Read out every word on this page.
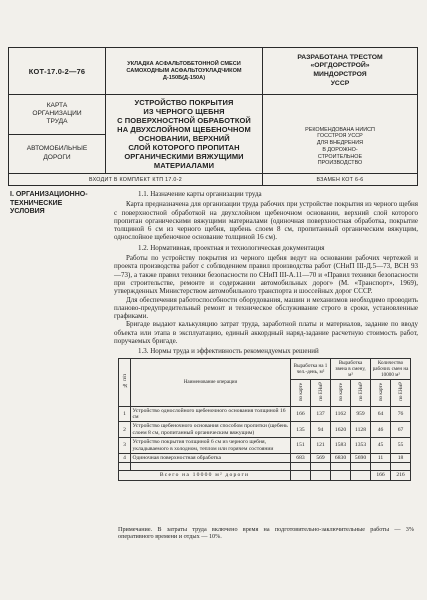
КОТ-17.0-2—76
УКЛАДКА АСФАЛЬТОБЕТОННОЙ СМЕСИ
САМОХОДНЫМ АСФАЛЬТОУКЛАДЧИКОМ
Д-150Б(Д-150А)
РАЗРАБОТАНА ТРЕСТОМ
«ОРГДОРСТРОЙ»
МИНДОРСТРОЯ
УССР
КАРТА
ОРГАНИЗАЦИИ
ТРУДА
АВТОМОБИЛЬНЫЕ
ДОРОГИ
УСТРОЙСТВО ПОКРЫТИЯ
ИЗ ЧЕРНОГО ЩЕБНЯ
С ПОВЕРХНОСТНОЙ ОБРАБОТКОЙ
НА ДВУХСЛОЙНОМ ЩЕБЕНОЧНОМ
ОСНОВАНИИ, ВЕРХНИЙ
СЛОЙ КОТОРОГО ПРОПИТАН
ОРГАНИЧЕСКИМИ ВЯЖУЩИМИ
МАТЕРИАЛАМИ
РЕКОМЕНДОВАНА НИИСП
ГОССТРОЯ УССР
ДЛЯ ВНЕДРЕНИЯ
В ДОРОЖНО-
СТРОИТЕЛЬНОЕ
ПРОИЗВОДСТВО
ВХОДИТ В КОМПЛЕКТ КТП 17.0-2	ВЗАМЕН КОТ 6-6
I. ОРГАНИЗАЦИОННО-
ТЕХНИЧЕСКИЕ
УСЛОВИЯ
1.1. Назначение карты организации труда

Карта предназначена для организации труда рабочих при устройстве покрытия из черного щебня с поверхностной обработкой на двухслойном щебеночном основании, верхний слой которого пропитан органическими вяжущими материалами (одиночная поверхностная обработка, покрытие толщиной 6 см из черного щебня, щебень слоем 8 см, пропитанный органическим вяжущим, однослойное щебеночное основание толщиной 16 см).

1.2. Нормативная, проектная и технологическая документация

Работы по устройству покрытия из черного щебня ведут на основании рабочих чертежей и проекта производства работ с соблюдением правил производства работ (СНиП III-Д.5—73, ВСН 93—73), а также правил техники безопасности по СНиП III-А.11—70 и «Правил техники безопасности при строительстве, ремонте и содержании автомобильных дорог» (М. «Транспорт», 1969), утвержденных Министерством автомобильного транспорта и шоссейных дорог СССР.

Для обеспечения работоспособности оборудования, машин и механизмов необходимо проводить планово-предупредительный ремонт и техническое обслуживание строго в сроки, установленные графиками.

Бригаде выдают калькуляцию затрат труда, заработной платы и материалов, задание по вводу объекта или этапа в эксплуатацию, единый аккордный наряд-задание расчетную стоимость работ, поручаемых бригаде.

1.3. Нормы труда и эффективность рекомендуемых решений
№ п/п	Наименование операции	Выработка на 1 чел.-день, м²		Выработка звена в смену, м²		Количество рабочих смен на 10000 м²	
		по карте	по ЕНиР	по карте	по ЕНиР	по карте	по ЕНиР
1	Устройство однослойного щебеночного основания толщиной 16 см	166	137	1162	959	64	76
2	Устройство щебеночного основания способом пропитки (щебень слоем 8 см, пропитанный органическим вяжущим)	135	94	1620	1128	46	67
3	Устройство покрытия толщиной 6 см из черного щебня, укладываемого в холодном, теплом или горячем состоянии	151	121	1583	1353	45	55
4	Одиночная поверхностная обработка	683	569	6830	5690	11	18

Всего на 10000 м² дороги						166	216
Примечание. В затраты труда включено время на подготовительно-заключительные работы — 3% оперативного времени и отдых — 10%.
